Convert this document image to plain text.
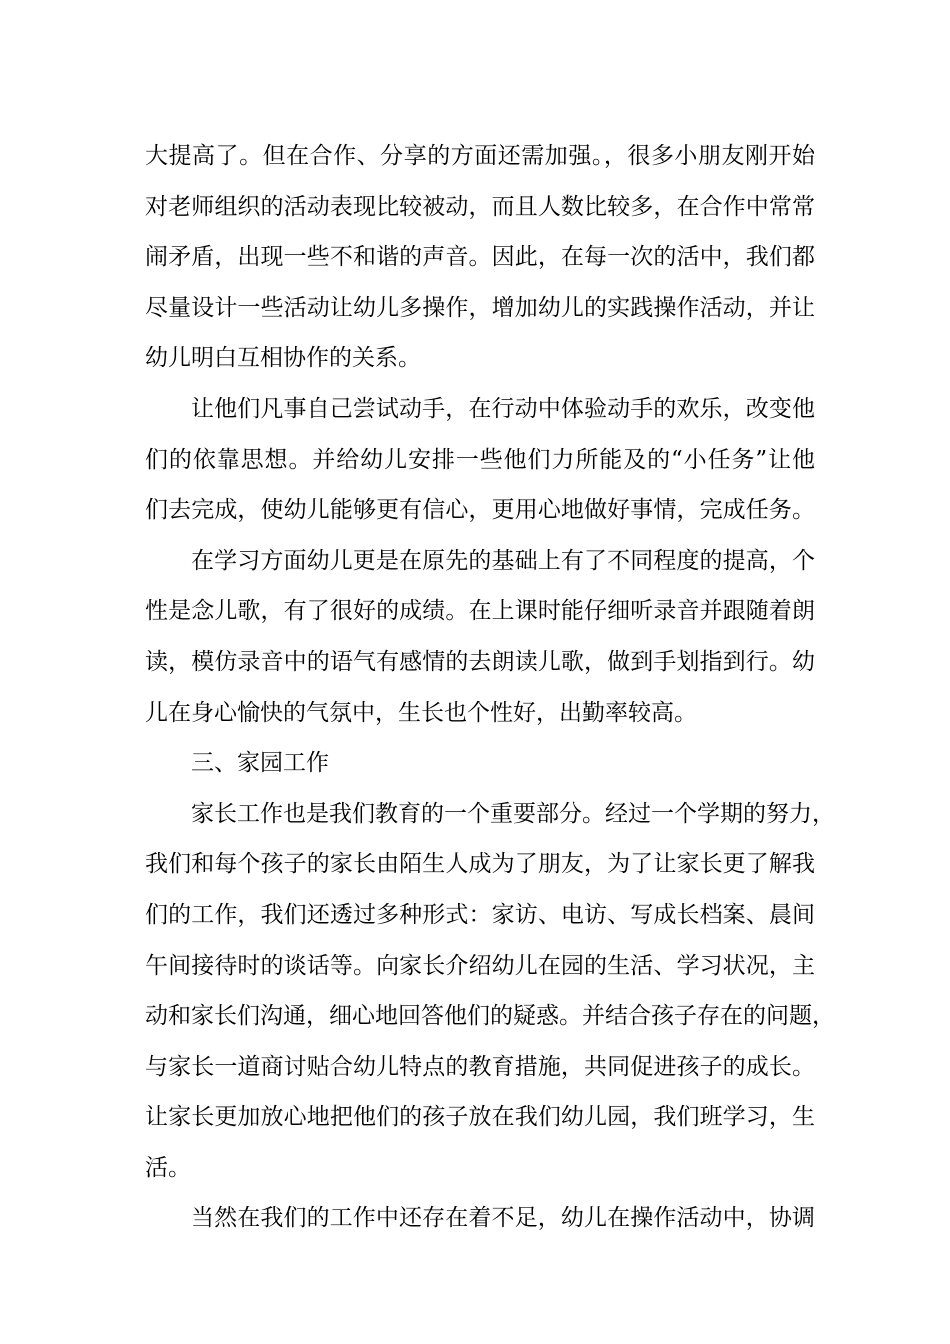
大提高了。但在合作、分享的方面还需加强。，很多小朋友刚开始
对老师组织的活动表现比较被动，而且人数比较多，在合作中常常
闹矛盾，出现一些不和谐的声音。因此，在每一次的活中，我们都
尽量设计一些活动让幼儿多操作，增加幼儿的实践操作活动，并让
幼儿明白互相协作的关系。
让他们凡事自己尝试动手，在行动中体验动手的欢乐，改变他
们的依靠思想。并给幼儿安排一些他们力所能及的“小任务”让他
们去完成，使幼儿能够更有信心，更用心地做好事情，完成任务。
在学习方面幼儿更是在原先的基础上有了不同程度的提高，个
性是念儿歌，有了很好的成绩。在上课时能仔细听录音并跟随着朗
读，模仿录音中的语气有感情的去朗读儿歌，做到手划指到行。幼
儿在身心愉快的气氛中，生长也个性好，出勤率较高。
三、家园工作
家长工作也是我们教育的一个重要部分。经过一个学期的努力，
我们和每个孩子的家长由陌生人成为了朋友，为了让家长更了解我
们的工作，我们还透过多种形式：家访、电访、写成长档案、晨间
午间接待时的谈话等。向家长介绍幼儿在园的生活、学习状况，主
动和家长们沟通，细心地回答他们的疑惑。并结合孩子存在的问题，
与家长一道商讨贴合幼儿特点的教育措施，共同促进孩子的成长。
让家长更加放心地把他们的孩子放在我们幼儿园，我们班学习，生
活。
当然在我们的工作中还存在着不足，幼儿在操作活动中，协调
